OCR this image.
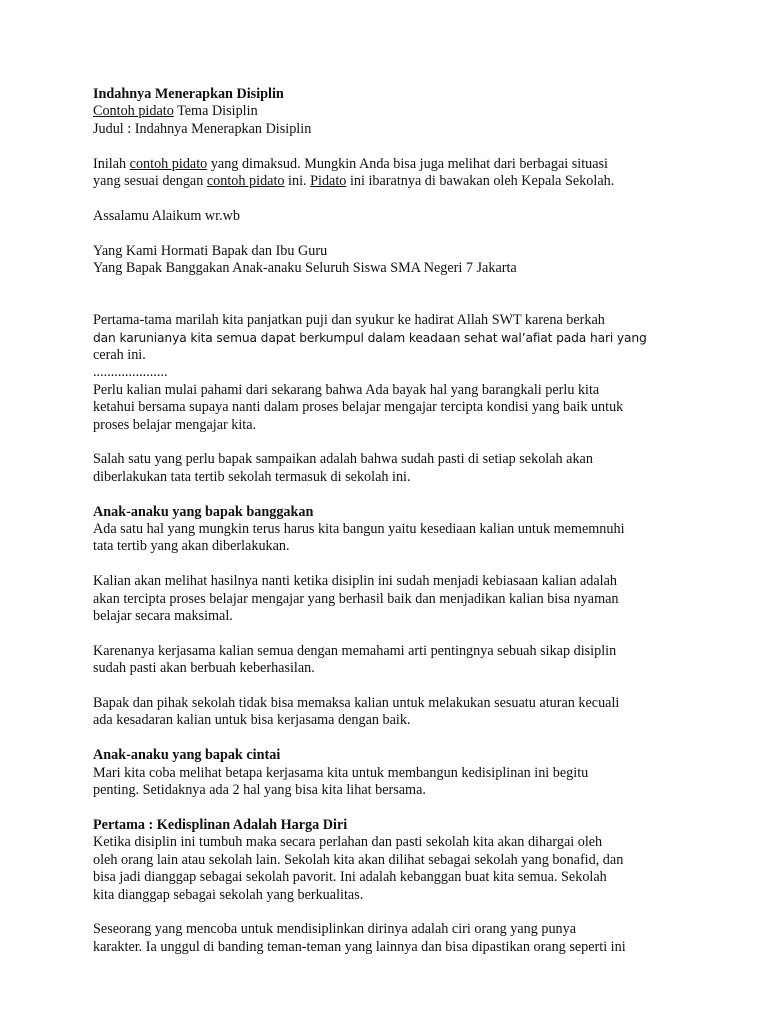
Indahnya Menerapkan Disiplin
Contoh pidato Tema Disiplin
Judul : Indahnya Menerapkan Disiplin
Inilah contoh pidato yang dimaksud. Mungkin Anda bisa juga melihat dari berbagai situasi
yang sesuai dengan contoh pidato ini. Pidato ini ibaratnya di bawakan oleh Kepala Sekolah.
Assalamu Alaikum wr.wb
Yang Kami Hormati Bapak dan Ibu Guru
Yang Bapak Banggakan Anak-anaku Seluruh Siswa SMA Negeri 7 Jakarta
Pertama-tama marilah kita panjatkan puji dan syukur ke hadirat Allah SWT karena berkah
dan karunianya kita semua dapat berkumpul dalam keadaan sehat wal’afiat pada hari yang
cerah ini.
.....................
Perlu kalian mulai pahami dari sekarang bahwa Ada bayak hal yang barangkali perlu kita
ketahui bersama supaya nanti dalam proses belajar mengajar tercipta kondisi yang baik untuk
proses belajar mengajar kita.
Salah satu yang perlu bapak sampaikan adalah bahwa sudah pasti di setiap sekolah akan
diberlakukan tata tertib sekolah termasuk di sekolah ini.
Anak-anaku yang bapak banggakan
Ada satu hal yang mungkin terus harus kita bangun yaitu kesediaan kalian untuk mememnuhi
tata tertib yang akan diberlakukan.
Kalian akan melihat hasilnya nanti ketika disiplin ini sudah menjadi kebiasaan kalian adalah
akan tercipta proses belajar mengajar yang berhasil baik dan menjadikan kalian bisa nyaman
belajar secara maksimal.
Karenanya kerjasama kalian semua dengan memahami arti pentingnya sebuah sikap disiplin
sudah pasti akan berbuah keberhasilan.
Bapak dan pihak sekolah tidak bisa memaksa kalian untuk melakukan sesuatu aturan kecuali
ada kesadaran kalian untuk bisa kerjasama dengan baik.
Anak-anaku yang bapak cintai
Mari kita coba melihat betapa kerjasama kita untuk membangun kedisiplinan ini begitu
penting. Setidaknya ada 2 hal yang bisa kita lihat bersama.
Pertama : Kedisplinan Adalah Harga Diri
Ketika disiplin ini tumbuh maka secara perlahan dan pasti sekolah kita akan dihargai oleh
oleh orang lain atau sekolah lain. Sekolah kita akan dilihat sebagai sekolah yang bonafid, dan
bisa jadi dianggap sebagai sekolah pavorit. Ini adalah kebanggan buat kita semua. Sekolah
kita dianggap sebagai sekolah yang berkualitas.
Seseorang yang mencoba untuk mendisiplinkan dirinya adalah ciri orang yang punya
karakter. Ia unggul di banding teman-teman yang lainnya dan bisa dipastikan orang seperti ini
